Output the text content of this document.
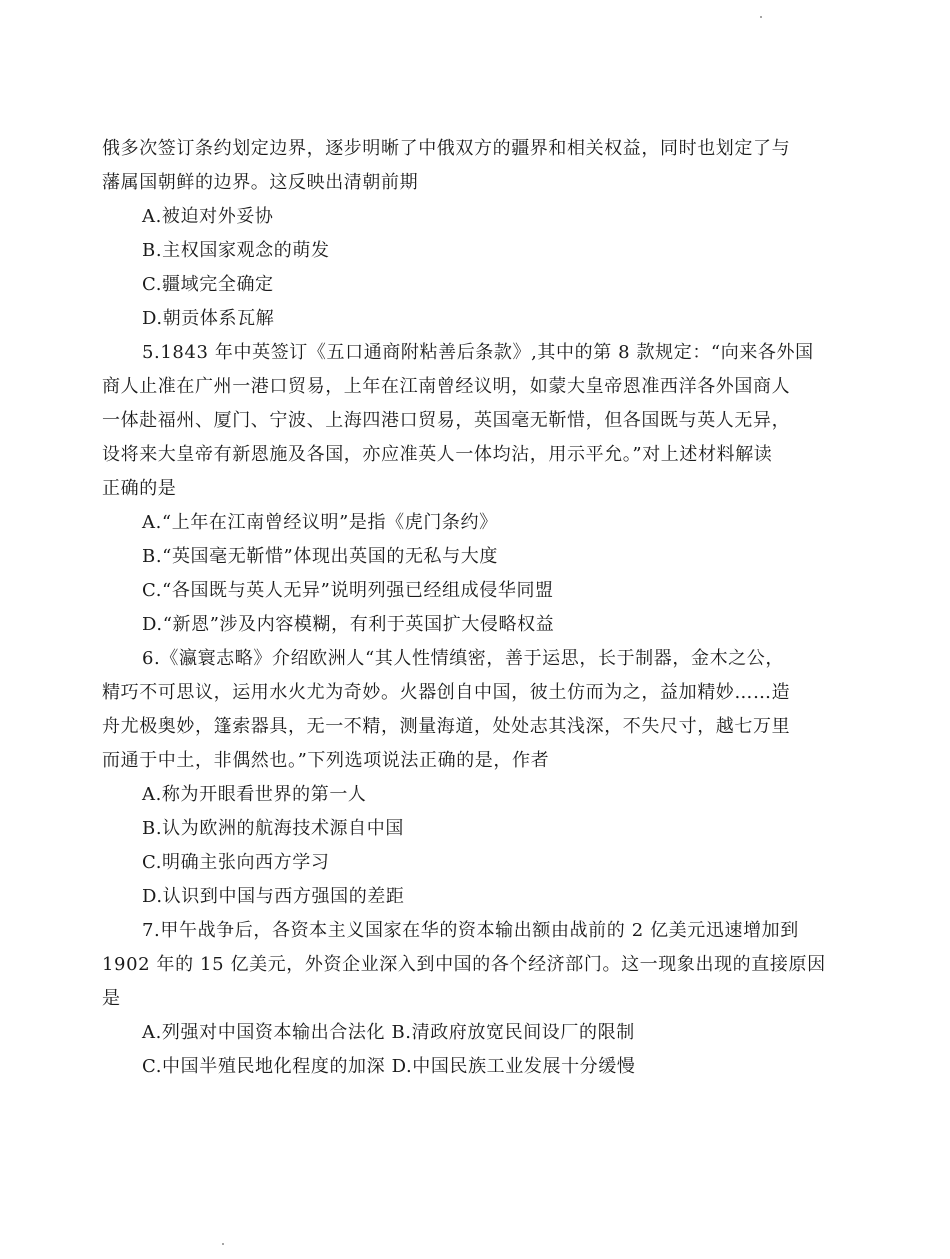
俄多次签订条约划定边界，逐步明晰了中俄双方的疆界和相关权益，同时也划定了与
藩属国朝鲜的边界。这反映出清朝前期
A.被迫对外妥协
B.主权国家观念的萌发
C.疆域完全确定
D.朝贡体系瓦解
5.1843 年中英签订《五口通商附粘善后条款》,其中的第 8 款规定：“向来各外国
商人止准在广州一港口贸易，上年在江南曾经议明，如蒙大皇帝恩准西洋各外国商人
一体赴福州、厦门、宁波、上海四港口贸易，英国毫无靳惜，但各国既与英人无异，
设将来大皇帝有新恩施及各国，亦应准英人一体均沾，用示平允。”对上述材料解读
正确的是
A.“上年在江南曾经议明”是指《虎门条约》
B.“英国毫无靳惜”体现出英国的无私与大度
C.“各国既与英人无异”说明列强已经组成侵华同盟
D.“新恩”涉及内容模糊，有利于英国扩大侵略权益
6.《瀛寰志略》介绍欧洲人“其人性情缜密，善于运思，长于制器，金木之公，
精巧不可思议，运用水火尤为奇妙。火器创自中国，彼土仿而为之，益加精妙……造
舟尤极奥妙，篷索器具，无一不精，测量海道，处处志其浅深，不失尺寸，越七万里
而通于中土，非偶然也。”下列选项说法正确的是，作者
A.称为开眼看世界的第一人
B.认为欧洲的航海技术源自中国
C.明确主张向西方学习
D.认识到中国与西方强国的差距
7.甲午战争后，各资本主义国家在华的资本输出额由战前的 2 亿美元迅速增加到
1902 年的 15 亿美元，外资企业深入到中国的各个经济部门。这一现象出现的直接原因
是
A.列强对中国资本输出合法化 B.清政府放宽民间设厂的限制
C.中国半殖民地化程度的加深 D.中国民族工业发展十分缓慢
